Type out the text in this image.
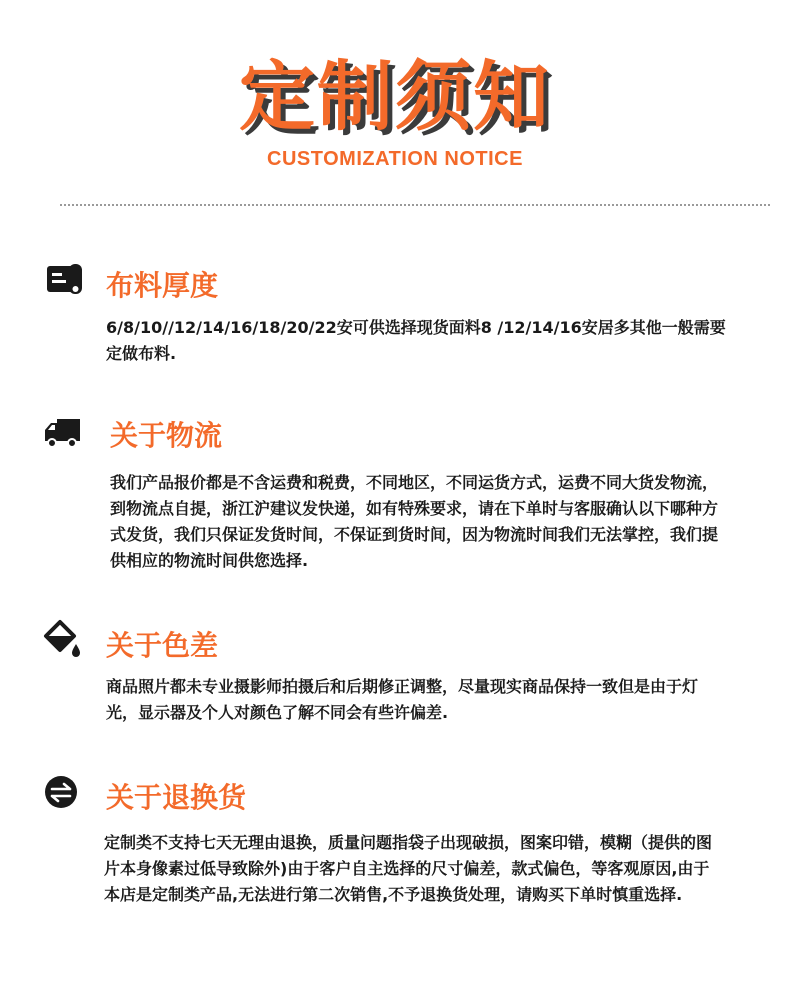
定制须知
CUSTOMIZATION NOTICE
布料厚度
6/8/10//12/14/16/18/20/22安可供选择现货面料8 /12/14/16安居多其他一般需要定做布料.
关于物流
我们产品报价都是不含运费和税费，不同地区，不同运货方式，运费不同大货发物流，到物流点自提，浙江沪建议发快递，如有特殊要求，请在下单时与客服确认以下哪种方式发货，我们只保证发货时间，不保证到货时间，因为物流时间我们无法掌控，我们提供相应的物流时间供您选择.
关于色差
商品照片都未专业摄影师拍摄后和后期修正调整，尽量现实商品保持一致但是由于灯光，显示器及个人对颜色了解不同会有些许偏差.
关于退换货
定制类不支持七天无理由退换，质量问题指袋子出现破损，图案印错，模糊（提供的图片本身像素过低导致除外)由于客户自主选择的尺寸偏差，款式偏色，等客观原因,由于本店是定制类产品,无法进行第二次销售,不予退换货处理，请购买下单时慎重选择.
